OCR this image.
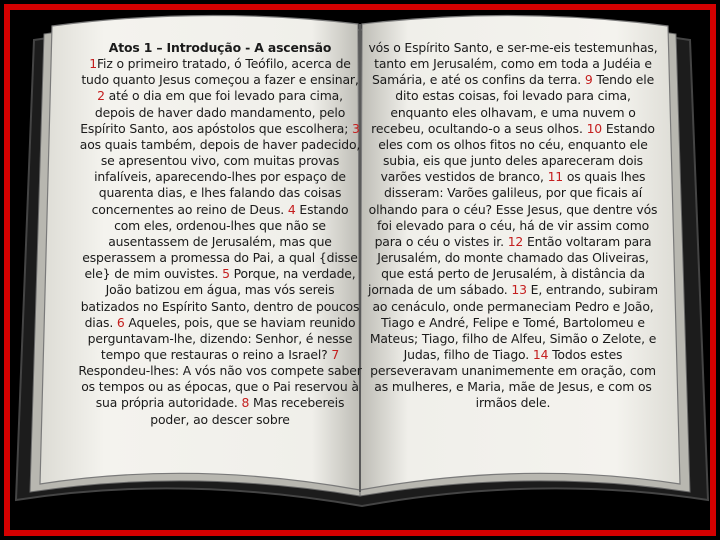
Atos 1 – Introdução - A ascensão
1Fiz o primeiro tratado, ó Teófilo, acerca de tudo quanto Jesus começou a fazer e ensinar, 2 até o dia em que foi levado para cima, depois de haver dado mandamento, pelo Espírito Santo, aos apóstolos que escolhera; 3 aos quais também, depois de haver padecido, se apresentou vivo, com muitas provas infalíveis, aparecendo-lhes por espaço de quarenta dias, e lhes falando das coisas concernentes ao reino de Deus. 4 Estando com eles, ordenou-lhes que não se ausentassem de Jerusalém, mas que esperassem a promessa do Pai, a qual {disse ele} de mim ouvistes. 5 Porque, na verdade, João batizou em água, mas vós sereis batizados no Espírito Santo, dentro de poucos dias. 6 Aqueles, pois, que se haviam reunido perguntavam-lhe, dizendo: Senhor, é nesse tempo que restauras o reino a Israel? 7 Respondeu-lhes: A vós não vos compete saber os tempos ou as épocas, que o Pai reservou à sua própria autoridade. 8 Mas recebereis poder, ao descer sobre
vós o Espírito Santo, e ser-me-eis testemunhas, tanto em Jerusalém, como em toda a Judéia e Samária, e até os confins da terra. 9 Tendo ele dito estas coisas, foi levado para cima, enquanto eles olhavam, e uma nuvem o recebeu, ocultando-o a seus olhos. 10 Estando eles com os olhos fitos no céu, enquanto ele subia, eis que junto deles apareceram dois varões vestidos de branco, 11 os quais lhes disseram: Varões galileus, por que ficais aí olhando para o céu? Esse Jesus, que dentre vós foi elevado para o céu, há de vir assim como para o céu o vistes ir. 12 Então voltaram para Jerusalém, do monte chamado das Oliveiras, que está perto de Jerusalém, à distância da jornada de um sábado. 13 E, entrando, subiram ao cenáculo, onde permaneciam Pedro e João, Tiago e André, Felipe e Tomé, Bartolomeu e Mateus; Tiago, filho de Alfeu, Simão o Zelote, e Judas, filho de Tiago. 14 Todos estes perseveravam unanimemente em oração, com as mulheres, e Maria, mãe de Jesus, e com os irmãos dele.
